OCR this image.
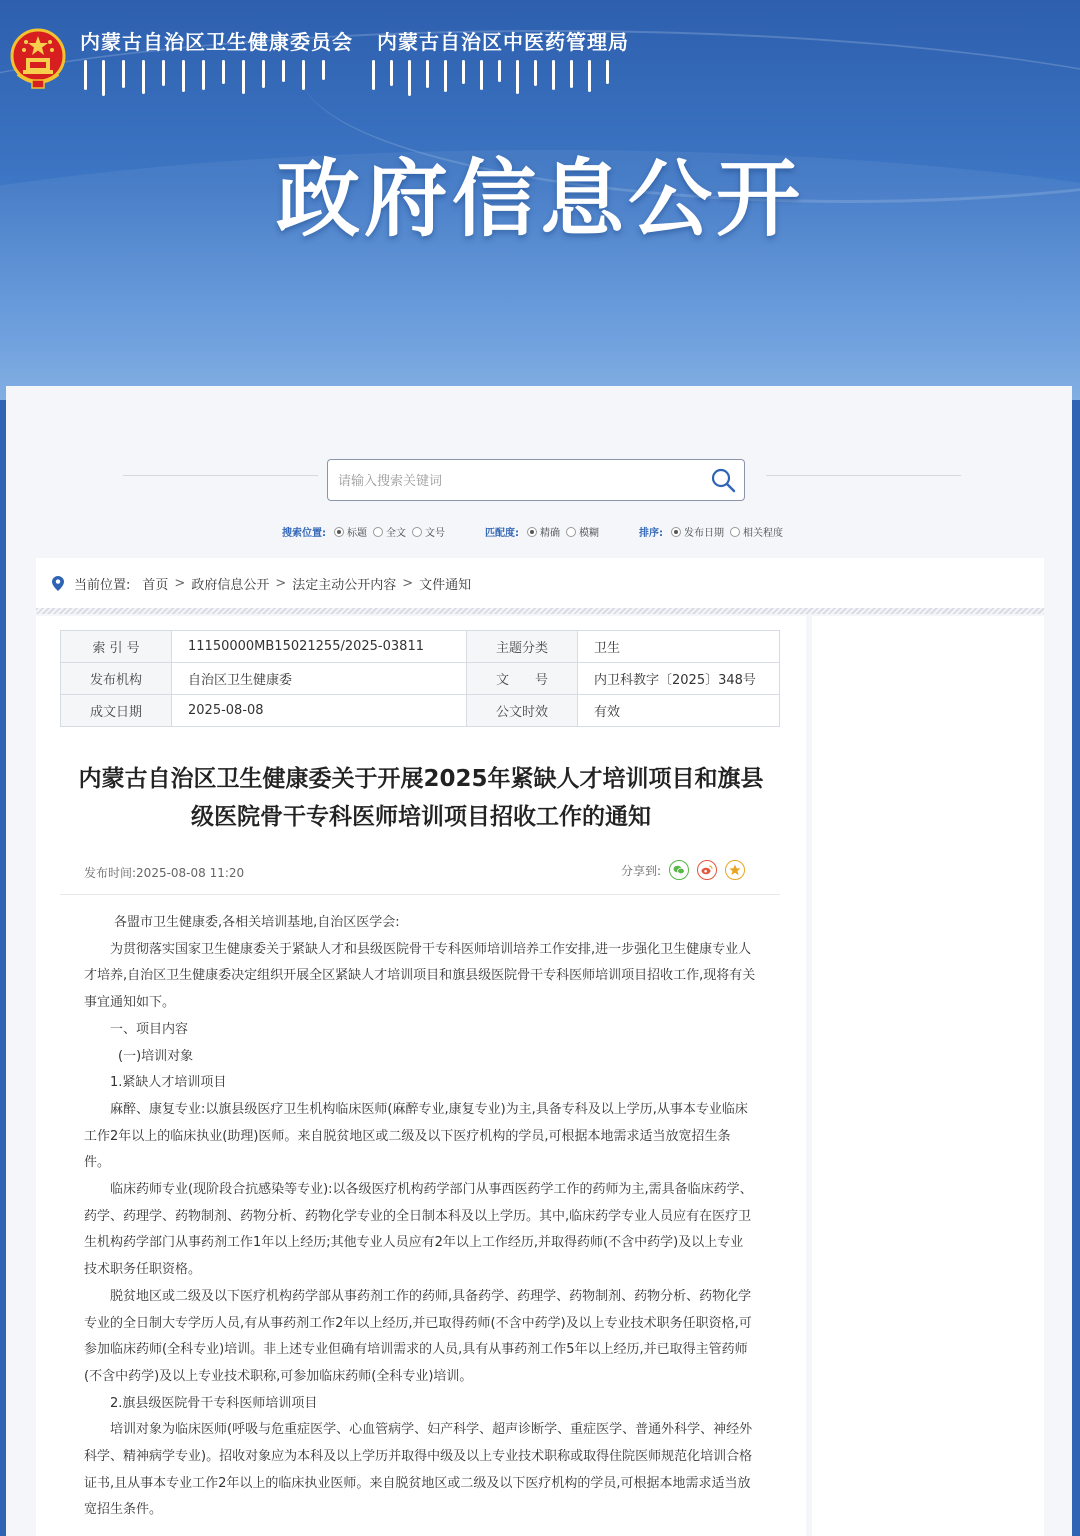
内蒙古自治区卫生健康委员会 内蒙古自治区中医药管理局
政府信息公开
请输入搜索关键词
搜索位置: 标题 全文 文号	匹配度: 精确 模糊	排序: 发布日期 相关程度
当前位置: 首页 > 政府信息公开 > 法定主动公开内容 > 文件通知
索 引 号	11150000MB15021255/2025-03811	主题分类	卫生
发布机构	自治区卫生健康委	文　　号	内卫科教字〔2025〕348号
成文日期	2025-08-08	公文时效	有效
内蒙古自治区卫生健康委关于开展2025年紧缺人才培训项目和旗县级医院骨干专科医师培训项目招收工作的通知
发布时间:2025-08-08 11:20	分享到:

各盟市卫生健康委,各相关培训基地,自治区医学会:

为贯彻落实国家卫生健康委关于紧缺人才和县级医院骨干专科医师培训培养工作安排,进一步强化卫生健康专业人才培养,自治区卫生健康委决定组织开展全区紧缺人才培训项目和旗县级医院骨干专科医师培训项目招收工作,现将有关事宜通知如下。

一、项目内容

(一)培训对象

1.紧缺人才培训项目

麻醉、康复专业:以旗县级医疗卫生机构临床医师(麻醉专业,康复专业)为主,具备专科及以上学历,从事本专业临床工作2年以上的临床执业(助理)医师。来自脱贫地区或二级及以下医疗机构的学员,可根据本地需求适当放宽招生条件。

临床药师专业(现阶段合抗感染等专业):以各级医疗机构药学部门从事西医药学工作的药师为主,需具备临床药学、药学、药理学、药物制剂、药物分析、药物化学专业的全日制本科及以上学历。其中,临床药学专业人员应有在医疗卫生机构药学部门从事药剂工作1年以上经历;其他专业人员应有2年以上工作经历,并取得药师(不含中药学)及以上专业技术职务任职资格。

脱贫地区或二级及以下医疗机构药学部从事药剂工作的药师,具备药学、药理学、药物制剂、药物分析、药物化学专业的全日制大专学历人员,有从事药剂工作2年以上经历,并已取得药师(不含中药学)及以上专业技术职务任职资格,可参加临床药师(全科专业)培训。非上述专业但确有培训需求的人员,具有从事药剂工作5年以上经历,并已取得主管药师(不含中药学)及以上专业技术职称,可参加临床药师(全科专业)培训。

2.旗县级医院骨干专科医师培训项目

培训对象为临床医师(呼吸与危重症医学、心血管病学、妇产科学、超声诊断学、重症医学、普通外科学、神经外科学、精神病学专业)。招收对象应为本科及以上学历并取得中级及以上专业技术职称或取得住院医师规范化培训合格证书,且从事本专业工作2年以上的临床执业医师。来自脱贫地区或二级及以下医疗机构的学员,可根据本地需求适当放宽招生条件。
